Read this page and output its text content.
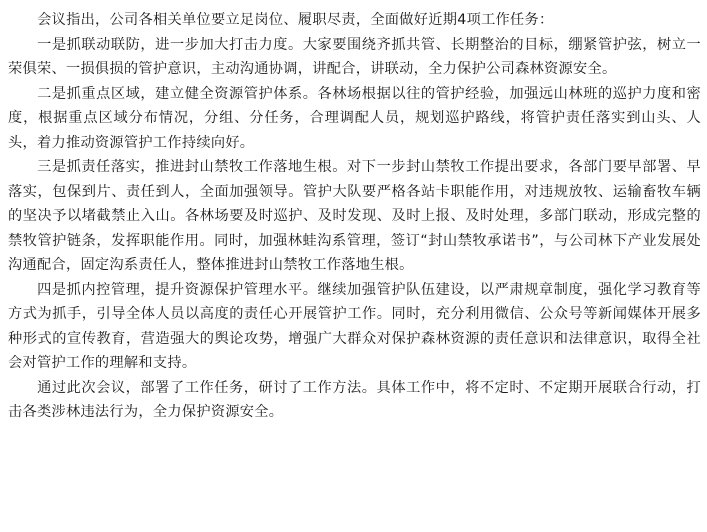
会议指出，公司各相关单位要立足岗位、履职尽责，全面做好近期4项工作任务：

一是抓联动联防，进一步加大打击力度。大家要围绕齐抓共管、长期整治的目标，绷紧管护弦，树立一荣俱荣、一损俱损的管护意识，主动沟通协调，讲配合，讲联动，全力保护公司森林资源安全。

二是抓重点区域，建立健全资源管护体系。各林场根据以往的管护经验，加强远山林班的巡护力度和密度，根据重点区域分布情况，分组、分任务，合理调配人员，规划巡护路线，将管护责任落实到山头、人头，着力推动资源管护工作持续向好。

三是抓责任落实，推进封山禁牧工作落地生根。对下一步封山禁牧工作提出要求，各部门要早部署、早落实，包保到片、责任到人，全面加强领导。管护大队要严格各站卡职能作用，对违规放牧、运输畜牧车辆的坚决予以堵截禁止入山。各林场要及时巡护、及时发现、及时上报、及时处理，多部门联动，形成完整的禁牧管护链条，发挥职能作用。同时，加强林蛙沟系管理，签订“封山禁牧承诺书”，与公司林下产业发展处沟通配合，固定沟系责任人，整体推进封山禁牧工作落地生根。

四是抓内控管理，提升资源保护管理水平。继续加强管护队伍建设，以严肃规章制度，强化学习教育等方式为抓手，引导全体人员以高度的责任心开展管护工作。同时，充分利用微信、公众号等新闻媒体开展多种形式的宣传教育，营造强大的舆论攻势，增强广大群众对保护森林资源的责任意识和法律意识，取得全社会对管护工作的理解和支持。

通过此次会议，部署了工作任务，研讨了工作方法。具体工作中，将不定时、不定期开展联合行动，打击各类涉林违法行为，全力保护资源安全。
